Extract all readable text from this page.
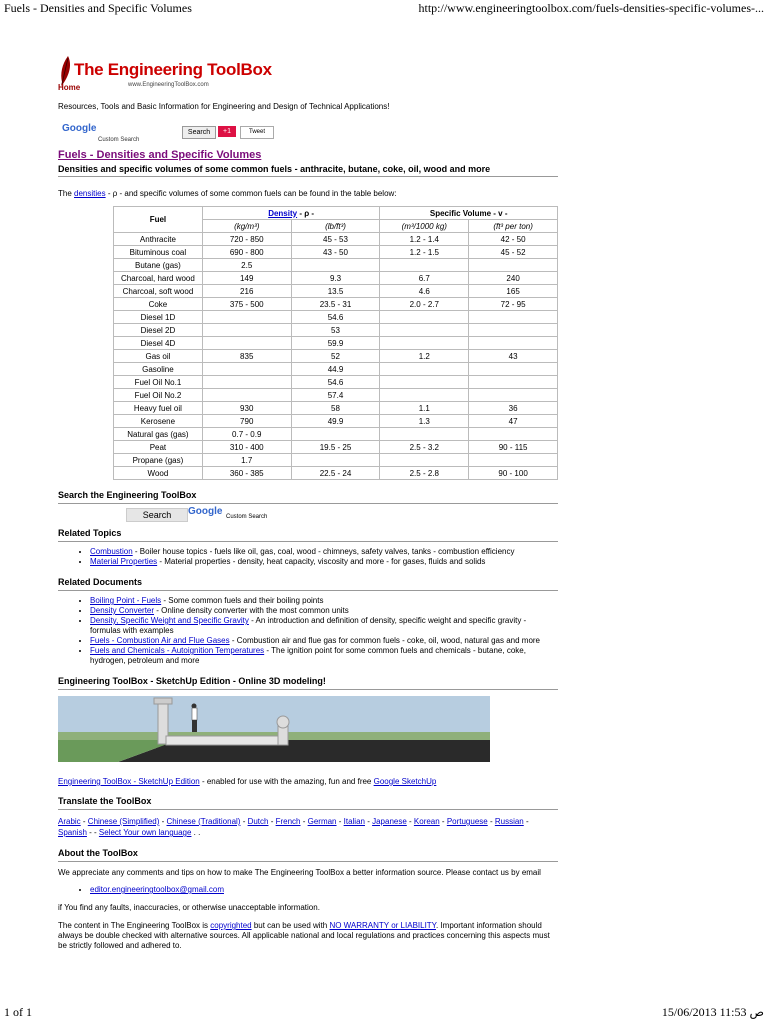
Fuels - Densities and Specific Volumes	http://www.engineeringtoolbox.com/fuels-densities-specific-volumes-...
The Engineering ToolBox
Home	www.EngineeringToolBox.com
Resources, Tools and Basic Information for Engineering and Design of Technical Applications!
Google
Custom Search
Search	+1	Tweet
Fuels - Densities and Specific Volumes
Densities and specific volumes of some common fuels - anthracite, butane, coke, oil, wood and more
The densities - ρ - and specific volumes of some common fuels can be found in the table below:
Fuel	Density - ρ -		Specific Volume - v -	
	(kg/m³)	(lb/ft³)	(m³/1000 kg)	(ft³ per ton)
Anthracite	720 - 850	45 - 53	1.2 - 1.4	42 - 50
Bituminous coal	690 - 800	43 - 50	1.2 - 1.5	45 - 52
Butane (gas)	2.5			
Charcoal, hard wood	149	9.3	6.7	240
Charcoal, soft wood	216	13.5	4.6	165
Coke	375 - 500	23.5 - 31	2.0 - 2.7	72 - 95
Diesel 1D		54.6		
Diesel 2D		53		
Diesel 4D		59.9		
Gas oil	835	52	1.2	43
Gasoline		44.9		
Fuel Oil No.1		54.6		
Fuel Oil No.2		57.4		
Heavy fuel oil	930	58	1.1	36
Kerosene	790	49.9	1.3	47
Natural gas (gas)	0.7 - 0.9			
Peat	310 - 400	19.5 - 25	2.5 - 3.2	90 - 115
Propane (gas)	1.7			
Wood	360 - 385	22.5 - 24	2.5 - 2.8	90 - 100
Search the Engineering ToolBox
Search	Google Custom Search
Related Topics
• Combustion - Boiler house topics - fuels like oil, gas, coal, wood - chimneys, safety valves, tanks - combustion efficiency
• Material Properties - Material properties - density, heat capacity, viscosity and more - for gases, fluids and solids
Related Documents
• Boiling Point - Fuels - Some common fuels and their boiling points
• Density Converter - Online density converter with the most common units
• Density, Specific Weight and Specific Gravity - An introduction and definition of density, specific weight and specific gravity - formulas with examples
• Fuels - Combustion Air and Flue Gases - Combustion air and flue gas for common fuels - coke, oil, wood, natural gas and more
• Fuels and Chemicals - Autoignition Temperatures - The ignition point for some common fuels and chemicals - butane, coke, hydrogen, petroleum and more
Engineering ToolBox - SketchUp Edition - Online 3D modeling!
Engineering ToolBox - SketchUp Edition - enabled for use with the amazing, fun and free Google SketchUp
Translate the ToolBox
Arabic - Chinese (Simplified) - Chinese (Traditional) - Dutch - French - German - Italian - Japanese - Korean - Portuguese - Russian - Spanish - - Select Your own language . .
About the ToolBox

We appreciate any comments and tips on how to make The Engineering ToolBox a better information source. Please contact us by email

• editor.engineeringtoolbox@gmail.com

if You find any faults, inaccuracies, or otherwise unacceptable information.

The content in The Engineering ToolBox is copyrighted but can be used with NO WARRANTY or LIABILITY. Important information should always be double checked with alternative sources. All applicable national and local regulations and practices concerning this aspects must be strictly followed and adhered to.

1 of 1	15/06/2013 11:53 ص
